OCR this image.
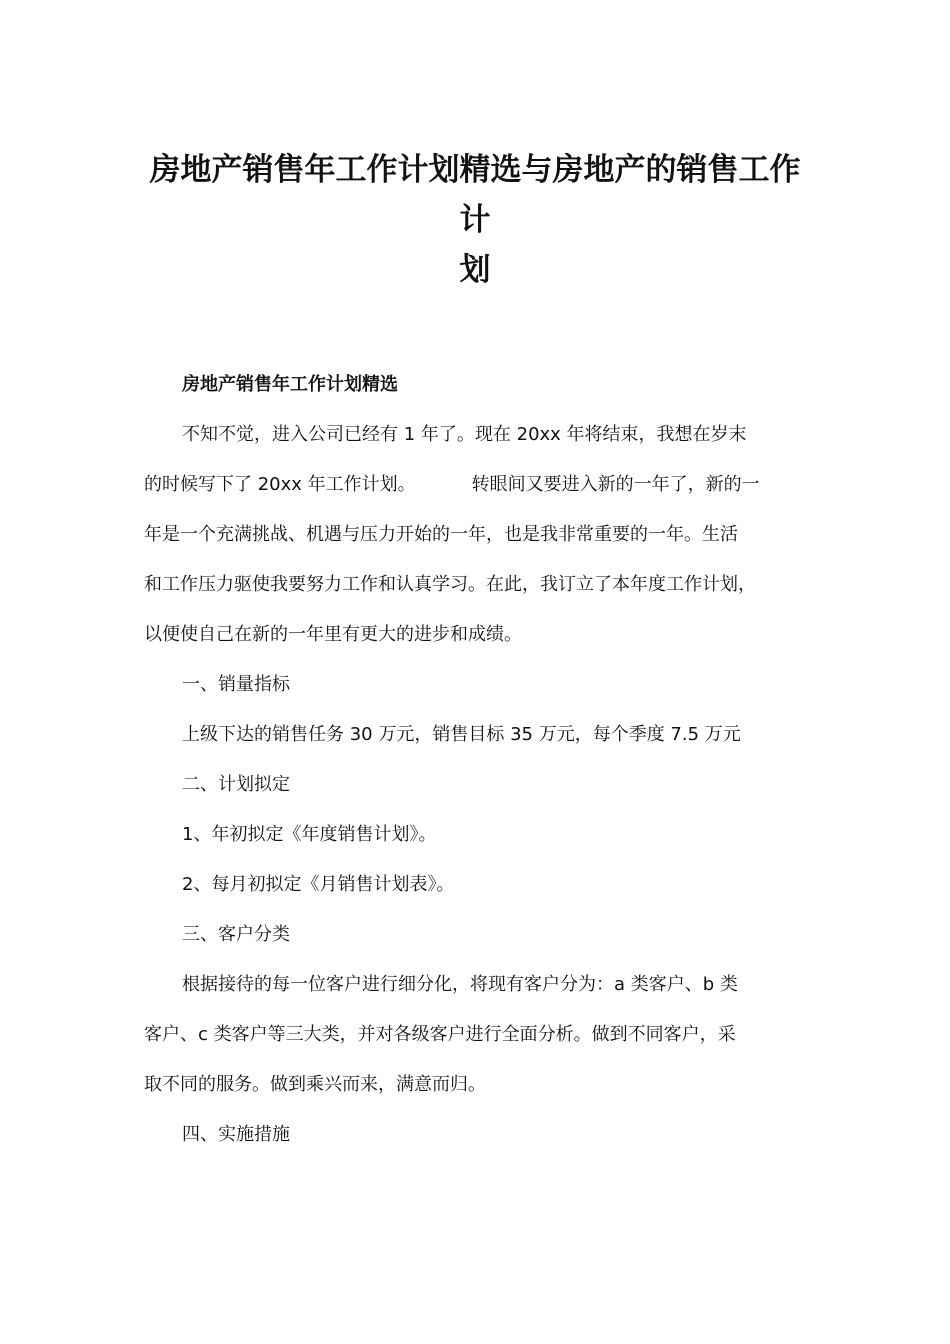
房地产销售年工作计划精选与房地产的销售工作计
划

房地产销售年工作计划精选

不知不觉，进入公司已经有 1 年了。现在 20xx 年将结束，我想在岁末

的时候写下了 20xx 年工作计划。	转眼间又要进入新的一年了，新的一

年是一个充满挑战、机遇与压力开始的一年，也是我非常重要的一年。生活

和工作压力驱使我要努力工作和认真学习。在此，我订立了本年度工作计划，

以便使自己在新的一年里有更大的进步和成绩。

一、销量指标

上级下达的销售任务 30 万元，销售目标 35 万元，每个季度 7.5 万元

二、计划拟定

1、年初拟定《年度销售计划》。

2、每月初拟定《月销售计划表》。

三、客户分类

根据接待的每一位客户进行细分化，将现有客户分为：a 类客户、b 类

客户、c 类客户等三大类，并对各级客户进行全面分析。做到不同客户，采

取不同的服务。做到乘兴而来，满意而归。

四、实施措施
